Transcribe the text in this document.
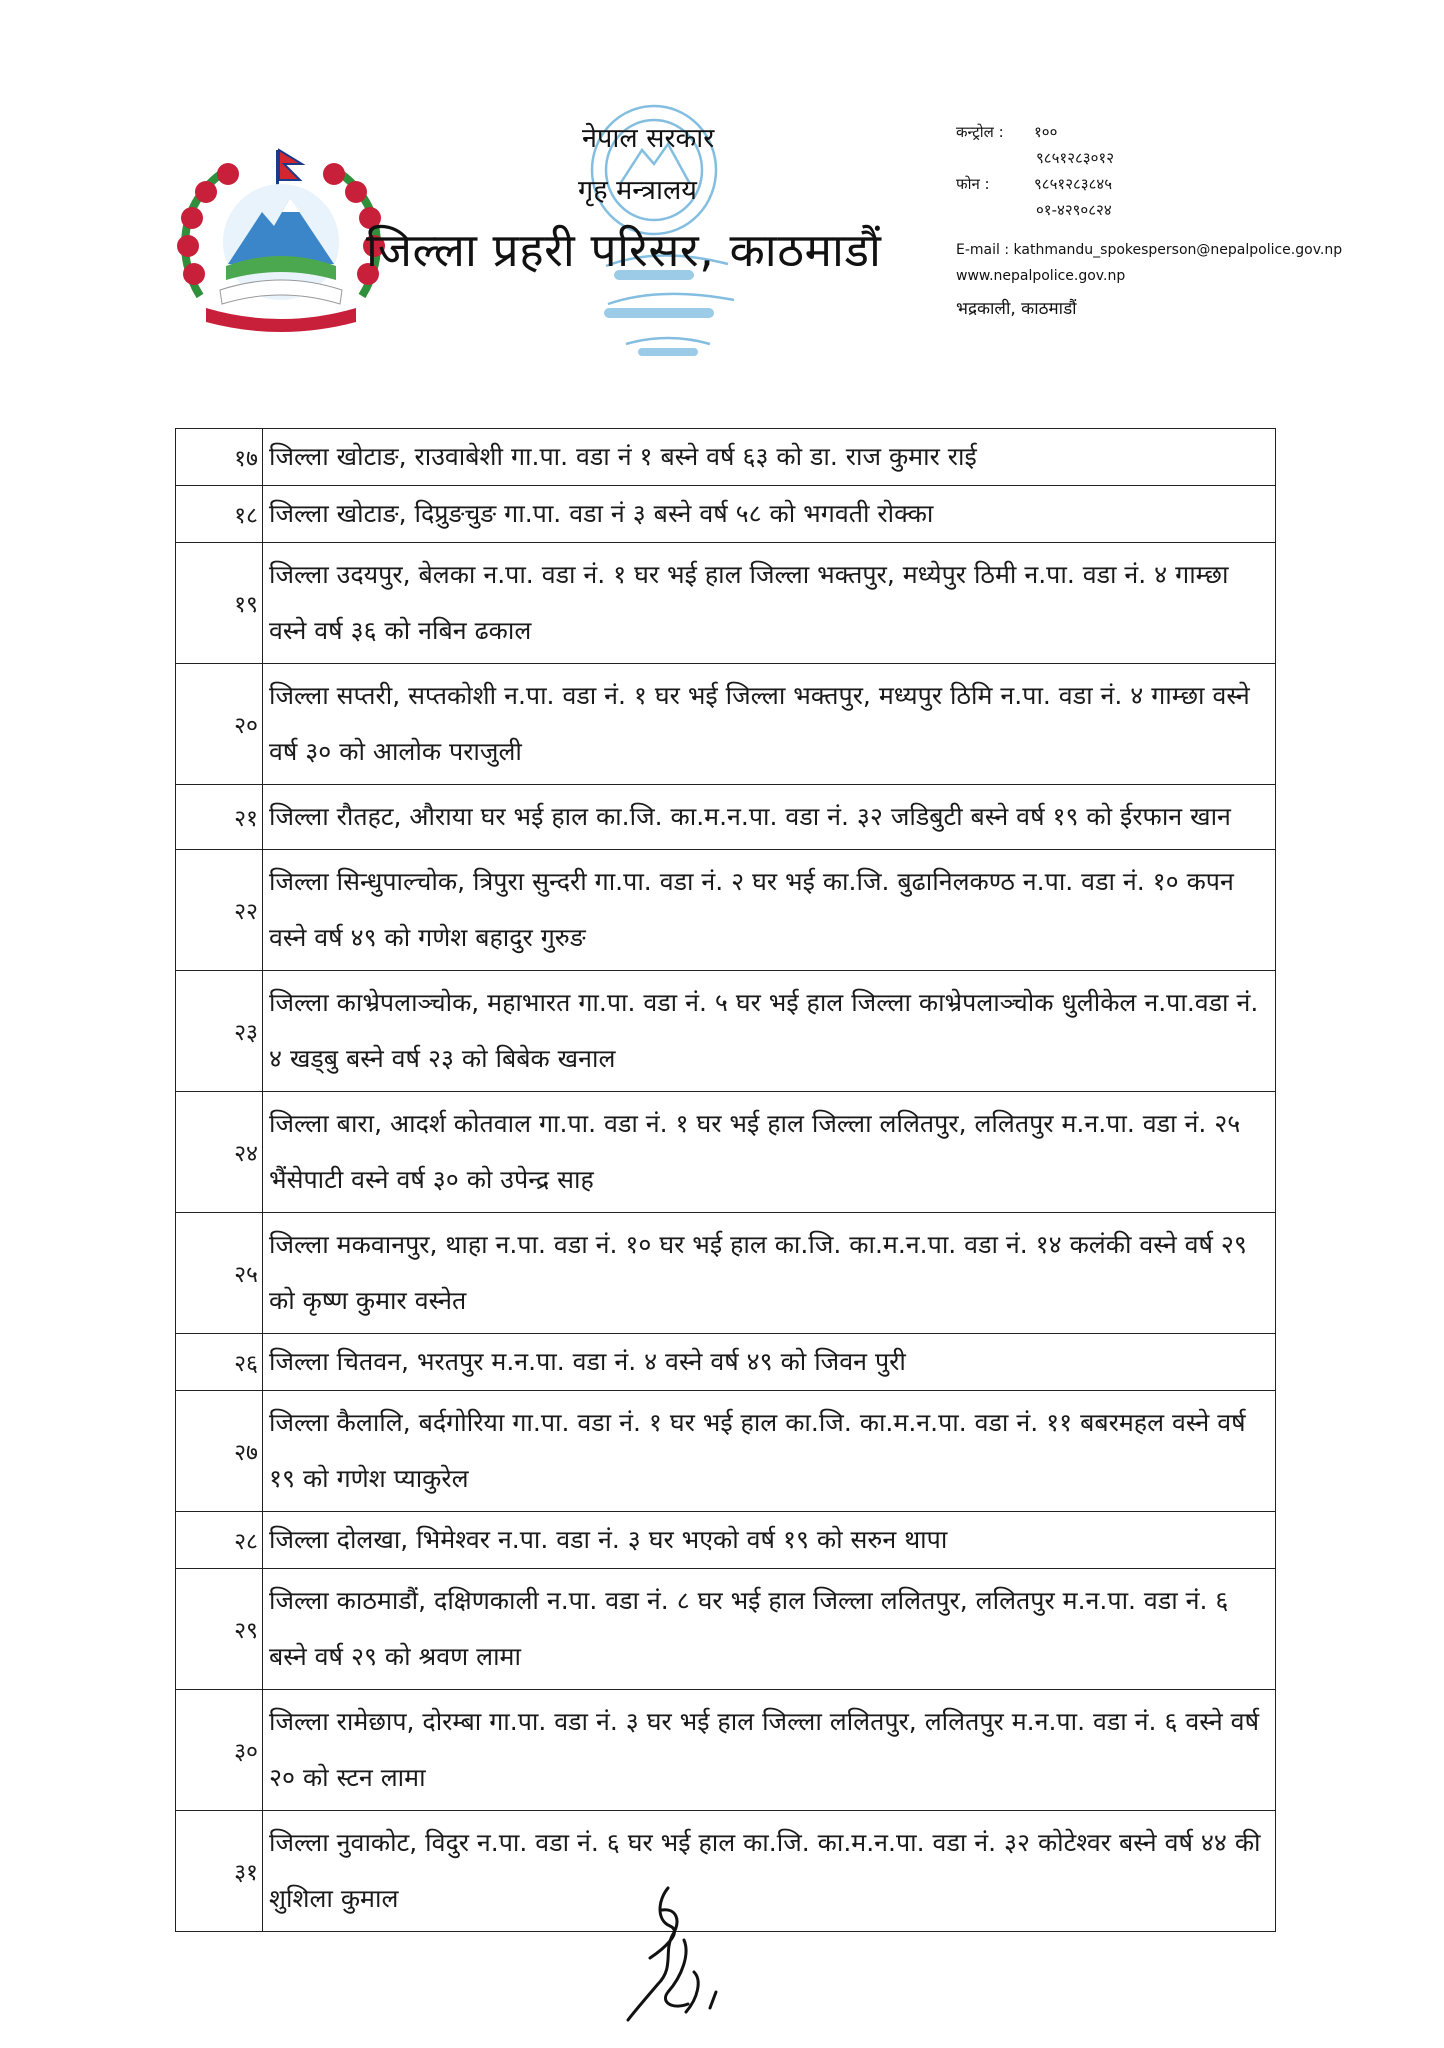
नेपाल सरकार
गृह मन्त्रालय
जिल्ला प्रहरी परिसर, काठमाडौं
कन्ट्रोल : १००
९८५१२८३०१२
फोन :	९८५१२८३८४५
०१-४२९०८२४
E-mail : kathmandu_spokesperson@nepalpolice.gov.np
www.nepalpolice.gov.np
भद्रकाली, काठमाडौं
१७	जिल्ला खोटाङ, राउवाबेशी गा.पा. वडा नं १ बस्ने वर्ष ६३ को डा. राज कुमार राई
१८	जिल्ला खोटाङ, दिप्रुङचुङ गा.पा. वडा नं ३ बस्ने वर्ष ५८ को भगवती रोक्का
१९	जिल्ला उदयपुर, बेलका न.पा. वडा नं. १ घर भई हाल जिल्ला भक्तपुर, मध्येपुर ठिमी न.पा. वडा नं. ४ गाम्छा वस्ने वर्ष ३६ को नबिन ढकाल
२०	जिल्ला सप्तरी, सप्तकोशी न.पा. वडा नं. १ घर भई जिल्ला भक्तपुर, मध्यपुर ठिमि न.पा. वडा नं. ४ गाम्छा वस्ने वर्ष ३० को आलोक पराजुली
२१	जिल्ला रौतहट, औराया घर भई हाल का.जि. का.म.न.पा. वडा नं. ३२ जडिबुटी बस्ने वर्ष १९ को ईरफान खान
२२	जिल्ला सिन्धुपाल्चोक, त्रिपुरा सुन्दरी गा.पा. वडा नं. २ घर भई का.जि. बुढानिलकण्ठ न.पा. वडा नं. १० कपन वस्ने वर्ष ४९ को गणेश बहादुर गुरुङ
२३	जिल्ला काभ्रेपलाञ्चोक, महाभारत गा.पा. वडा नं. ५ घर भई हाल जिल्ला काभ्रेपलाञ्चोक धुलीकेल न.पा.वडा नं. ४ खड्बु बस्ने वर्ष २३ को बिबेक खनाल
२४	जिल्ला बारा, आदर्श कोतवाल गा.पा. वडा नं. १ घर भई हाल जिल्ला ललितपुर, ललितपुर म.न.पा. वडा नं. २५ भैंसेपाटी वस्ने वर्ष ३० को उपेन्द्र साह
२५	जिल्ला मकवानपुर, थाहा न.पा. वडा नं. १० घर भई हाल का.जि. का.म.न.पा. वडा नं. १४ कलंकी वस्ने वर्ष २९ को कृष्ण कुमार वस्नेत
२६	जिल्ला चितवन, भरतपुर म.न.पा. वडा नं. ४ वस्ने वर्ष ४९ को जिवन पुरी
२७	जिल्ला कैलालि, बर्दगोरिया गा.पा. वडा नं. १ घर भई हाल का.जि. का.म.न.पा. वडा नं. ११ बबरमहल वस्ने वर्ष १९ को गणेश प्याकुरेल
२८	जिल्ला दोलखा, भिमेश्वर न.पा. वडा नं. ३ घर भएको वर्ष १९ को सरुन थापा
२९	जिल्ला काठमाडौं, दक्षिणकाली न.पा. वडा नं. ८ घर भई हाल जिल्ला ललितपुर, ललितपुर म.न.पा. वडा नं. ६ बस्ने वर्ष २९ को श्रवण लामा
३०	जिल्ला रामेछाप, दोरम्बा गा.पा. वडा नं. ३ घर भई हाल जिल्ला ललितपुर, ललितपुर म.न.पा. वडा नं. ६ वस्ने वर्ष २० को स्टन लामा
३१	जिल्ला नुवाकोट, विदुर न.पा. वडा नं. ६ घर भई हाल का.जि. का.म.न.पा. वडा नं. ३२ कोटेश्वर बस्ने वर्ष ४४ की शुशिला कुमाल
